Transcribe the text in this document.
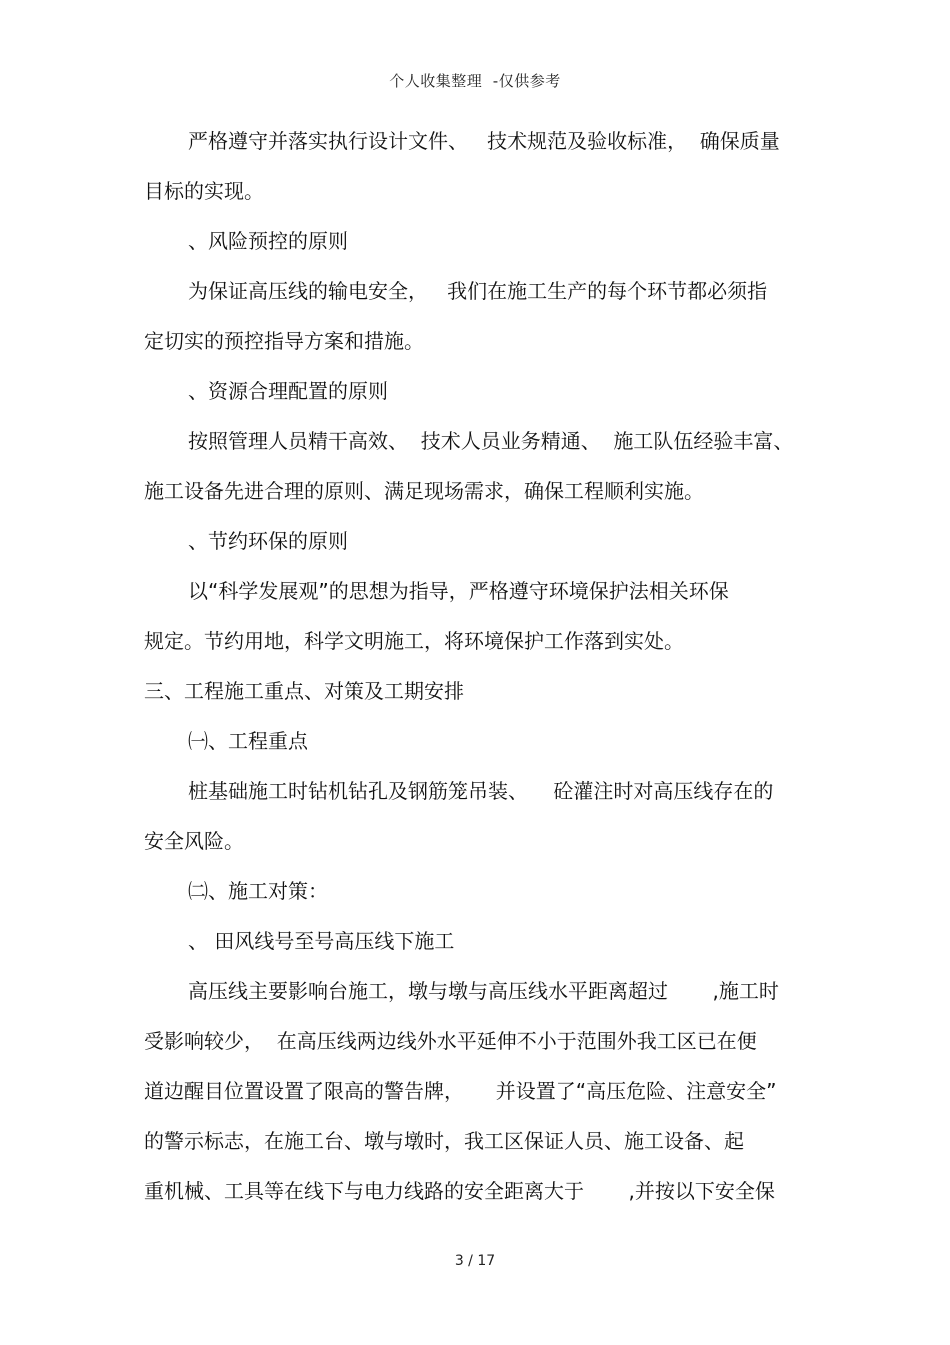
个人收集整理  -仅供参考
严格遵守并落实执行设计文件、   技术规范及验收标准，  确保质量
目标的实现。
、风险预控的原则
为保证高压线的输电安全，   我们在施工生产的每个环节都必须指
定切实的预控指导方案和措施。
、资源合理配置的原则
按照管理人员精干高效、  技术人员业务精通、  施工队伍经验丰富、
施工设备先进合理的原则、满足现场需求，确保工程顺利实施。
、节约环保的原则
以“科学发展观”的思想为指导，严格遵守环境保护法相关环保
规定。节约用地，科学文明施工，将环境保护工作落到实处。
三、工程施工重点、对策及工期安排
㈠、工程重点
桩基础施工时钻机钻孔及钢筋笼吊装、    砼灌注时对高压线存在的
安全风险。
㈡、施工对策：
、 田风线号至号高压线下施工
高压线主要影响台施工，墩与墩与高压线水平距离超过       ,施工时
受影响较少，  在高压线两边线外水平延伸不小于范围外我工区已在便
道边醒目位置设置了限高的警告牌，     并设置了“高压危险、注意安全”
的警示标志，在施工台、墩与墩时，我工区保证人员、施工设备、起
重机械、工具等在线下与电力线路的安全距离大于       ,并按以下安全保
3 / 17
